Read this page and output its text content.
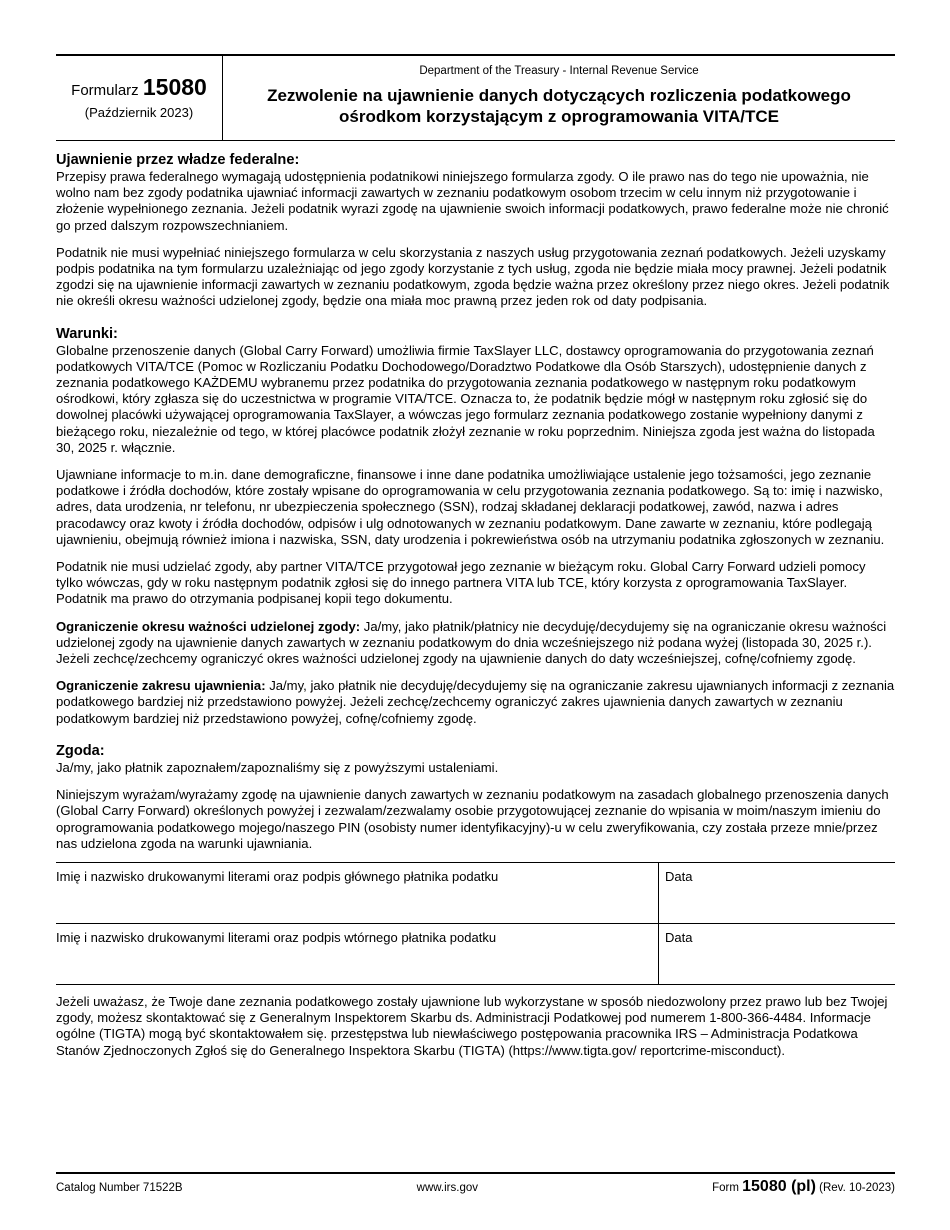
Formularz 15080
(Październik 2023)
Department of the Treasury - Internal Revenue Service
Zezwolenie na ujawnienie danych dotyczących rozliczenia podatkowego
ośrodkom korzystającym z oprogramowania VITA/TCE
Ujawnienie przez władze federalne:

Przepisy prawa federalnego wymagają udostępnienia podatnikowi niniejszego formularza zgody. O ile prawo nas do tego nie upoważnia, nie wolno nam bez zgody podatnika ujawniać informacji zawartych w zeznaniu podatkowym osobom trzecim w celu innym niż przygotowanie i złożenie wypełnionego zeznania. Jeżeli podatnik wyrazi zgodę na ujawnienie swoich informacji podatkowych, prawo federalne może nie chronić go przed dalszym rozpowszechnianiem.

Podatnik nie musi wypełniać niniejszego formularza w celu skorzystania z naszych usług przygotowania zeznań podatkowych. Jeżeli uzyskamy podpis podatnika na tym formularzu uzależniając od jego zgody korzystanie z tych usług, zgoda nie będzie miała mocy prawnej. Jeżeli podatnik zgodzi się na ujawnienie informacji zawartych w zeznaniu podatkowym, zgoda będzie ważna przez określony przez niego okres. Jeżeli podatnik nie określi okresu ważności udzielonej zgody, będzie ona miała moc prawną przez jeden rok od daty podpisania.

Warunki:

Globalne przenoszenie danych (Global Carry Forward) umożliwia firmie TaxSlayer LLC, dostawcy oprogramowania do przygotowania zeznań podatkowych VITA/TCE (Pomoc w Rozliczaniu Podatku Dochodowego/Doradztwo Podatkowe dla Osób Starszych), udostępnienie danych z zeznania podatkowego KAŻDEMU wybranemu przez podatnika do przygotowania zeznania podatkowego w następnym roku podatkowym ośrodkowi, który zgłasza się do uczestnictwa w programie VITA/TCE. Oznacza to, że podatnik będzie mógł w następnym roku zgłosić się do dowolnej placówki używającej oprogramowania TaxSlayer, a wówczas jego formularz zeznania podatkowego zostanie wypełniony danymi z bieżącego roku, niezależnie od tego, w której placówce podatnik złożył zeznanie w roku poprzednim. Niniejsza zgoda jest ważna do listopada 30, 2025 r. włącznie.

Ujawniane informacje to m.in. dane demograficzne, finansowe i inne dane podatnika umożliwiające ustalenie jego tożsamości, jego zeznanie podatkowe i źródła dochodów, które zostały wpisane do oprogramowania w celu przygotowania zeznania podatkowego. Są to: imię i nazwisko, adres, data urodzenia, nr telefonu, nr ubezpieczenia społecznego (SSN), rodzaj składanej deklaracji podatkowej, zawód, nazwa i adres pracodawcy oraz kwoty i źródła dochodów, odpisów i ulg odnotowanych w zeznaniu podatkowym. Dane zawarte w zeznaniu, które podlegają ujawnieniu, obejmują również imiona i nazwiska, SSN, daty urodzenia i pokrewieństwa osób na utrzymaniu podatnika zgłoszonych w zeznaniu.

Podatnik nie musi udzielać zgody, aby partner VITA/TCE przygotował jego zeznanie w bieżącym roku. Global Carry Forward udzieli pomocy tylko wówczas, gdy w roku następnym podatnik zgłosi się do innego partnera VITA lub TCE, który korzysta z oprogramowania TaxSlayer. Podatnik ma prawo do otrzymania podpisanej kopii tego dokumentu.

Ograniczenie okresu ważności udzielonej zgody: Ja/my, jako płatnik/płatnicy nie decyduję/decydujemy się na ograniczanie okresu ważności udzielonej zgody na ujawnienie danych zawartych w zeznaniu podatkowym do dnia wcześniejszego niż podana wyżej (listopada 30, 2025 r.). Jeżeli zechcę/zechcemy ograniczyć okres ważności udzielonej zgody na ujawnienie danych do daty wcześniejszej, cofnę/cofniemy zgodę.

Ograniczenie zakresu ujawnienia: Ja/my, jako płatnik nie decyduję/decydujemy się na ograniczanie zakresu ujawnianych informacji z zeznania podatkowego bardziej niż przedstawiono powyżej. Jeżeli zechcę/zechcemy ograniczyć zakres ujawnienia danych zawartych w zeznaniu podatkowym bardziej niż przedstawiono powyżej, cofnę/cofniemy zgodę.

Zgoda:

Ja/my, jako płatnik zapoznałem/zapoznaliśmy się z powyższymi ustaleniami.

Niniejszym wyrażam/wyrażamy zgodę na ujawnienie danych zawartych w zeznaniu podatkowym na zasadach globalnego przenoszenia danych (Global Carry Forward) określonych powyżej i zezwalam/zezwalamy osobie przygotowującej zeznanie do wpisania w moim/naszym imieniu do oprogramowania podatkowego mojego/naszego PIN (osobisty numer identyfikacyjny)-u w celu zweryfikowania, czy została przeze mnie/przez nas udzielona zgoda na warunki ujawniania.

Imię i nazwisko drukowanymi literami oraz podpis głównego płatnika podatku	Data
Imię i nazwisko drukowanymi literami oraz podpis wtórnego płatnika podatku	Data
Jeżeli uważasz, że Twoje dane zeznania podatkowego zostały ujawnione lub wykorzystane w sposób niedozwolony przez prawo lub bez Twojej zgody, możesz skontaktować się z Generalnym Inspektorem Skarbu ds. Administracji Podatkowej pod numerem 1-800-366-4484. Informacje ogólne (TIGTA) mogą być skontaktowałem się. przestępstwa lub niewłaściwego postępowania pracownika IRS – Administracja Podatkowa Stanów Zjednoczonych Zgłoś się do Generalnego Inspektora Skarbu (TIGTA) (https://www.tigta.gov/ reportcrime-misconduct).
Catalog Number 71522B	www.irs.gov	Form 15080 (pl) (Rev. 10-2023)
